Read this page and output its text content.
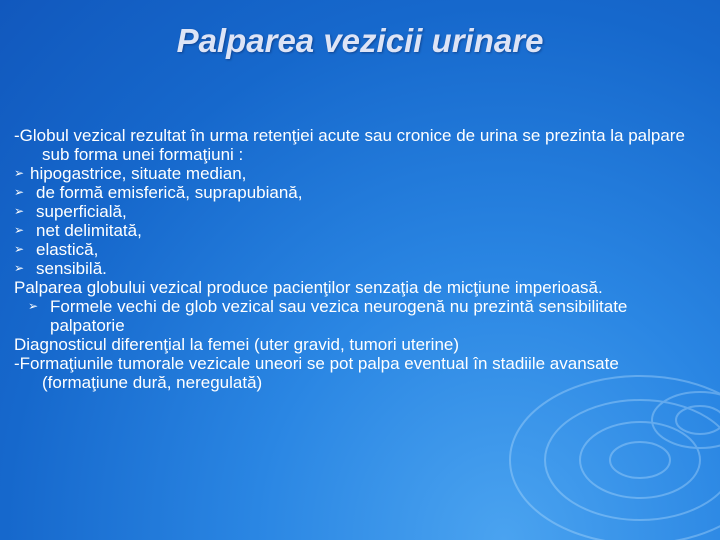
Palparea vezicii urinare

-Globul vezical rezultat în urma retenţiei acute sau cronice de urina se prezinta la palpare sub forma unei formaţiuni :

➢ hipogastrice, situate median,
➢ de formă emisferică, suprapubiană,
➢ superficială,
➢ net delimitată,
➢ elastică,
➢ sensibilă.

Palparea globului vezical produce pacienţilor senzaţia de micţiune imperioasă.

➢ Formele vechi de glob vezical sau vezica neurogenă nu prezintă sensibilitate palpatorie

Diagnosticul diferenţial la femei (uter gravid, tumori uterine)

-Formaţiunile tumorale vezicale uneori se pot palpa eventual în stadiile avansate (formaţiune dură, neregulată)
